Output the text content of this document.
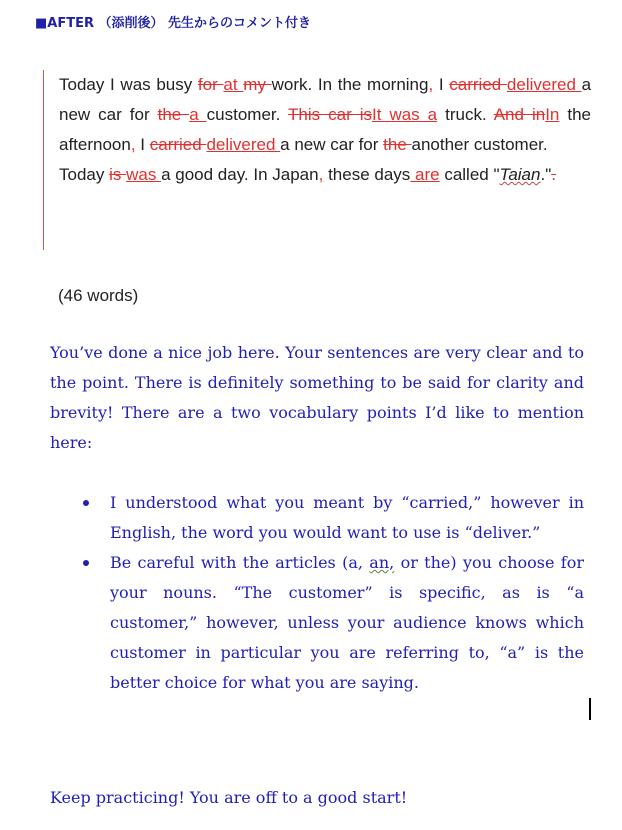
■AFTER （添削後） 先生からのコメント付き
Today I was busy for at my work. In the morning, I carried delivered a new car for the a customer. This car isIt was a truck. And inIn the afternoon, I carried delivered a new car for the another customer.
Today is was a good day. In Japan, these days are called "Taian.".
(46 words)
You’ve done a nice job here. Your sentences are very clear and to the point. There is definitely something to be said for clarity and brevity! There are a two vocabulary points I’d like to mention here:
I understood what you meant by “carried,” however in English, the word you would want to use is “deliver.”
Be careful with the articles (a, an, or the) you choose for your nouns. “The customer” is specific, as is “a customer,” however, unless your audience knows which customer in particular you are referring to, “a” is the better choice for what you are saying.
Keep practicing! You are off to a good start!
